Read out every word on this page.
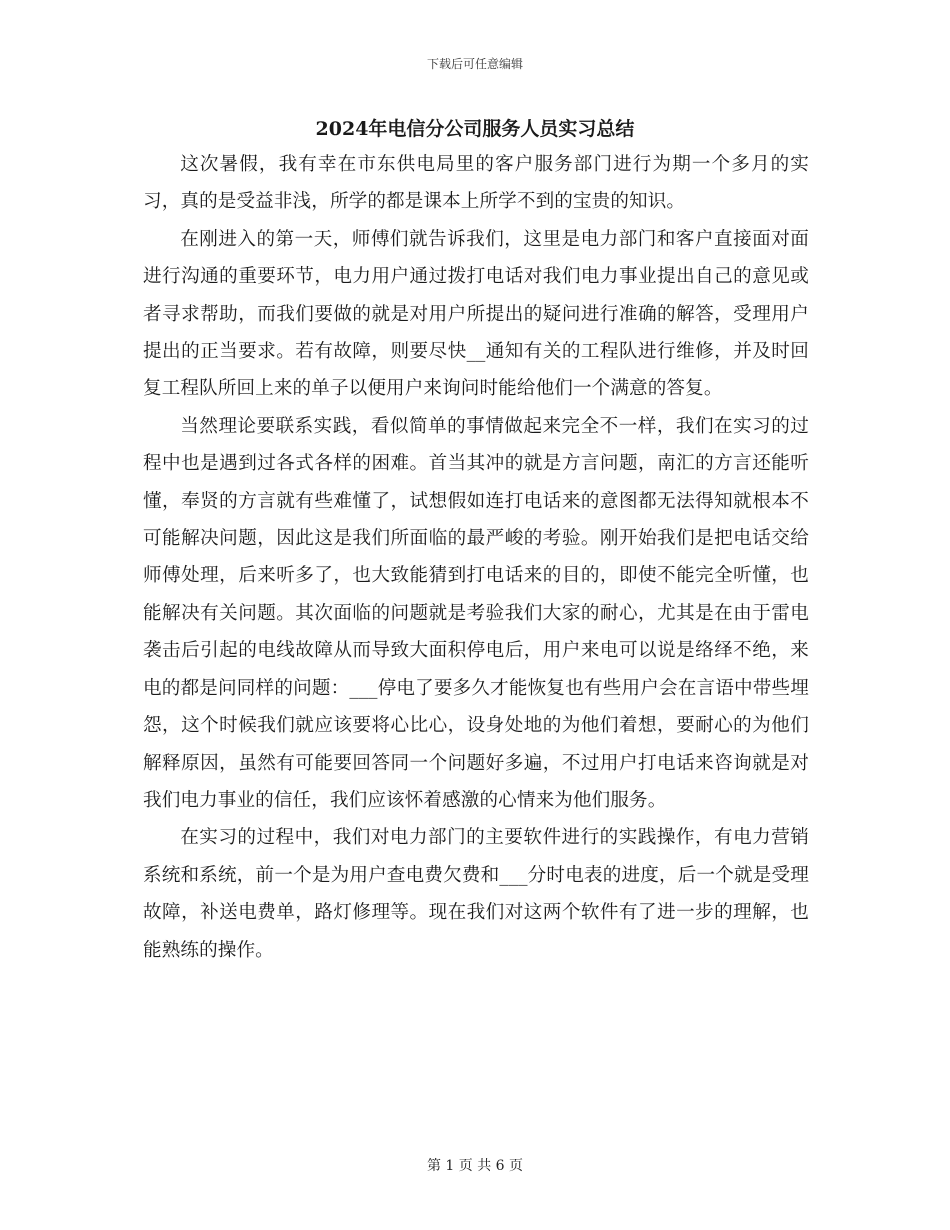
下载后可任意编辑
2024年电信分公司服务人员实习总结

这次暑假，我有幸在市东供电局里的客户服务部门进行为期一个多月的实习，真的是受益非浅，所学的都是课本上所学不到的宝贵的知识。

在刚进入的第一天，师傅们就告诉我们，这里是电力部门和客户直接面对面进行沟通的重要环节，电力用户通过拨打电话对我们电力事业提出自己的意见或者寻求帮助，而我们要做的就是对用户所提出的疑问进行准确的解答，受理用户提出的正当要求。若有故障，则要尽快__通知有关的工程队进行维修，并及时回复工程队所回上来的单子以便用户来询问时能给他们一个满意的答复。

当然理论要联系实践，看似简单的事情做起来完全不一样，我们在实习的过程中也是遇到过各式各样的困难。首当其冲的就是方言问题，南汇的方言还能听懂，奉贤的方言就有些难懂了，试想假如连打电话来的意图都无法得知就根本不可能解决问题，因此这是我们所面临的最严峻的考验。刚开始我们是把电话交给师傅处理，后来听多了，也大致能猜到打电话来的目的，即使不能完全听懂，也能解决有关问题。其次面临的问题就是考验我们大家的耐心，尤其是在由于雷电袭击后引起的电线故障从而导致大面积停电后，用户来电可以说是络绎不绝，来电的都是问同样的问题：___停电了要多久才能恢复也有些用户会在言语中带些埋怨，这个时候我们就应该要将心比心，设身处地的为他们着想，要耐心的为他们解释原因，虽然有可能要回答同一个问题好多遍，不过用户打电话来咨询就是对我们电力事业的信任，我们应该怀着感激的心情来为他们服务。

在实习的过程中，我们对电力部门的主要软件进行的实践操作，有电力营销系统和系统，前一个是为用户查电费欠费和___分时电表的进度，后一个就是受理故障，补送电费单，路灯修理等。现在我们对这两个软件有了进一步的理解，也能熟练的操作。

第 1 页 共 6 页
